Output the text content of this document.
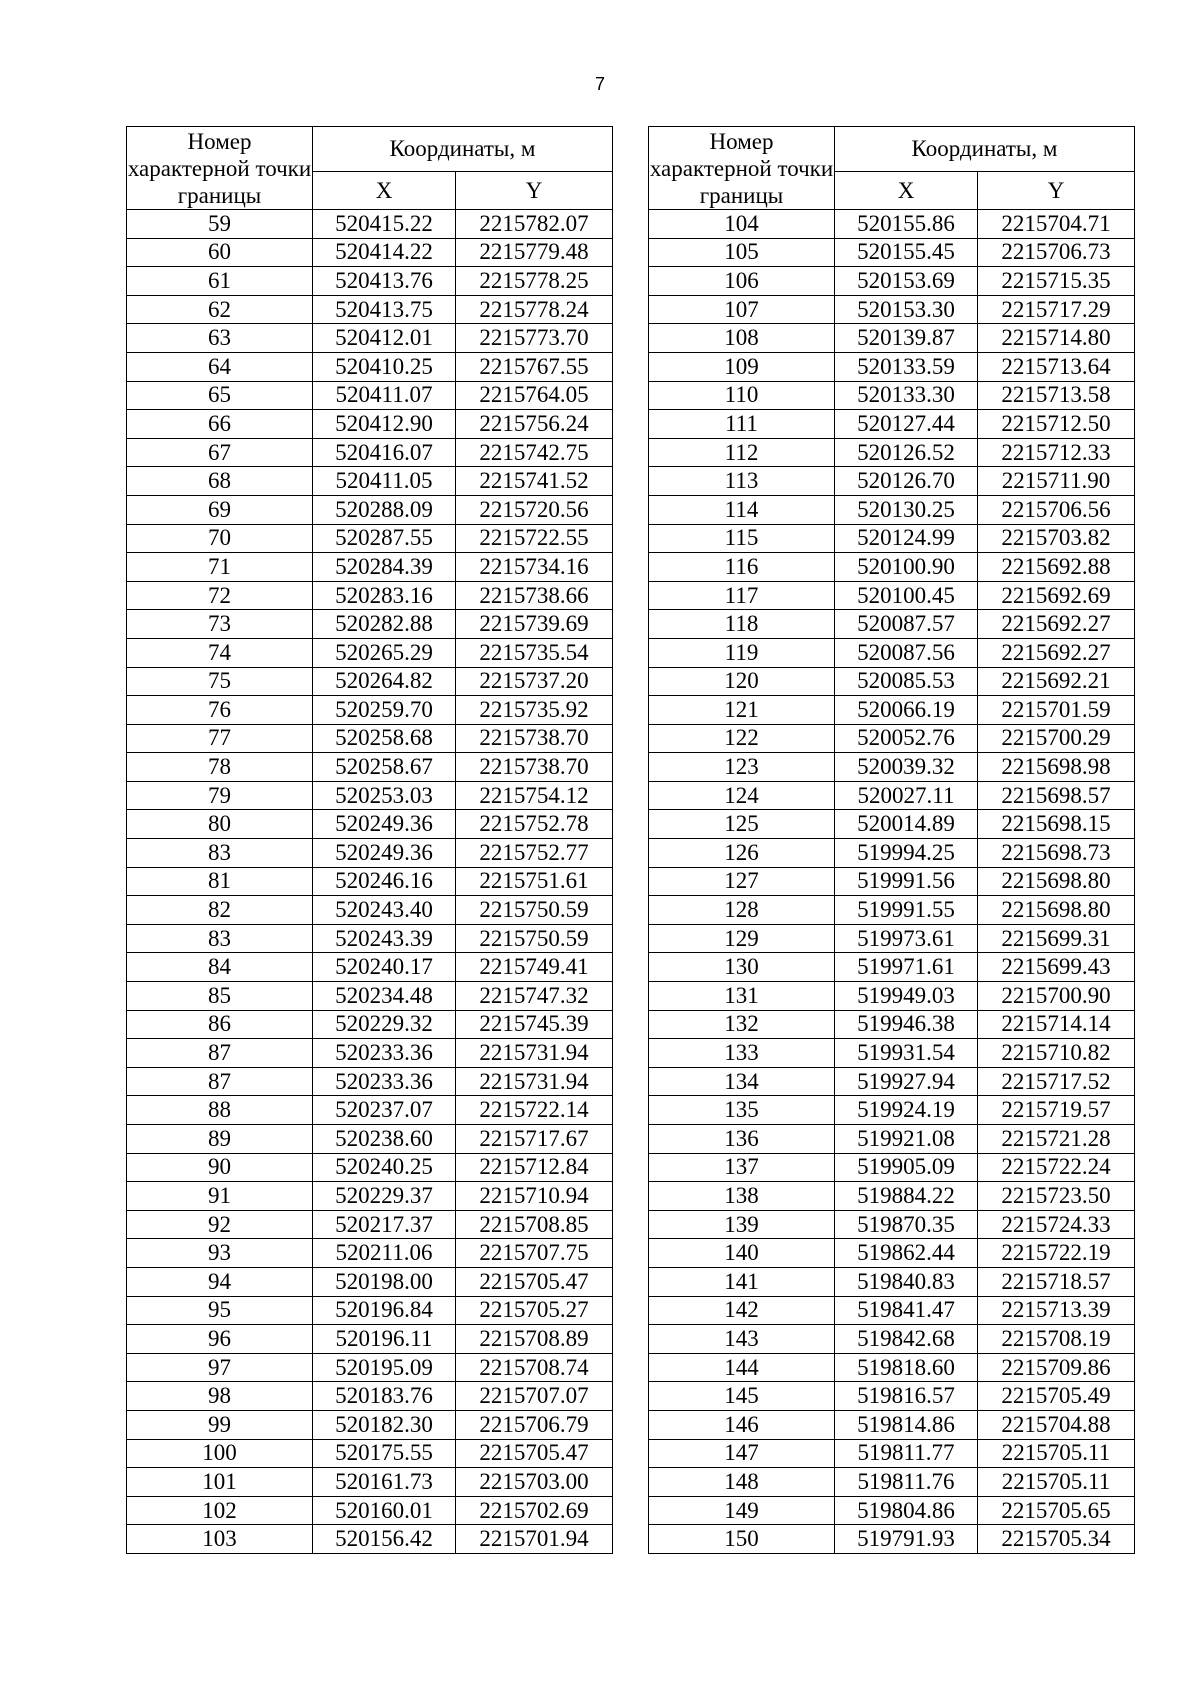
7
Номер характерной точки границы	Координаты, м	
	X	Y
59	520415.22	2215782.07
60	520414.22	2215779.48
61	520413.76	2215778.25
62	520413.75	2215778.24
63	520412.01	2215773.70
64	520410.25	2215767.55
65	520411.07	2215764.05
66	520412.90	2215756.24
67	520416.07	2215742.75
68	520411.05	2215741.52
69	520288.09	2215720.56
70	520287.55	2215722.55
71	520284.39	2215734.16
72	520283.16	2215738.66
73	520282.88	2215739.69
74	520265.29	2215735.54
75	520264.82	2215737.20
76	520259.70	2215735.92
77	520258.68	2215738.70
78	520258.67	2215738.70
79	520253.03	2215754.12
80	520249.36	2215752.78
83	520249.36	2215752.77
81	520246.16	2215751.61
82	520243.40	2215750.59
83	520243.39	2215750.59
84	520240.17	2215749.41
85	520234.48	2215747.32
86	520229.32	2215745.39
87	520233.36	2215731.94
87	520233.36	2215731.94
88	520237.07	2215722.14
89	520238.60	2215717.67
90	520240.25	2215712.84
91	520229.37	2215710.94
92	520217.37	2215708.85
93	520211.06	2215707.75
94	520198.00	2215705.47
95	520196.84	2215705.27
96	520196.11	2215708.89
97	520195.09	2215708.74
98	520183.76	2215707.07
99	520182.30	2215706.79
100	520175.55	2215705.47
101	520161.73	2215703.00
102	520160.01	2215702.69
103	520156.42	2215701.94
Номер характерной точки границы	Координаты, м	
	X	Y
104	520155.86	2215704.71
105	520155.45	2215706.73
106	520153.69	2215715.35
107	520153.30	2215717.29
108	520139.87	2215714.80
109	520133.59	2215713.64
110	520133.30	2215713.58
111	520127.44	2215712.50
112	520126.52	2215712.33
113	520126.70	2215711.90
114	520130.25	2215706.56
115	520124.99	2215703.82
116	520100.90	2215692.88
117	520100.45	2215692.69
118	520087.57	2215692.27
119	520087.56	2215692.27
120	520085.53	2215692.21
121	520066.19	2215701.59
122	520052.76	2215700.29
123	520039.32	2215698.98
124	520027.11	2215698.57
125	520014.89	2215698.15
126	519994.25	2215698.73
127	519991.56	2215698.80
128	519991.55	2215698.80
129	519973.61	2215699.31
130	519971.61	2215699.43
131	519949.03	2215700.90
132	519946.38	2215714.14
133	519931.54	2215710.82
134	519927.94	2215717.52
135	519924.19	2215719.57
136	519921.08	2215721.28
137	519905.09	2215722.24
138	519884.22	2215723.50
139	519870.35	2215724.33
140	519862.44	2215722.19
141	519840.83	2215718.57
142	519841.47	2215713.39
143	519842.68	2215708.19
144	519818.60	2215709.86
145	519816.57	2215705.49
146	519814.86	2215704.88
147	519811.77	2215705.11
148	519811.76	2215705.11
149	519804.86	2215705.65
150	519791.93	2215705.34
